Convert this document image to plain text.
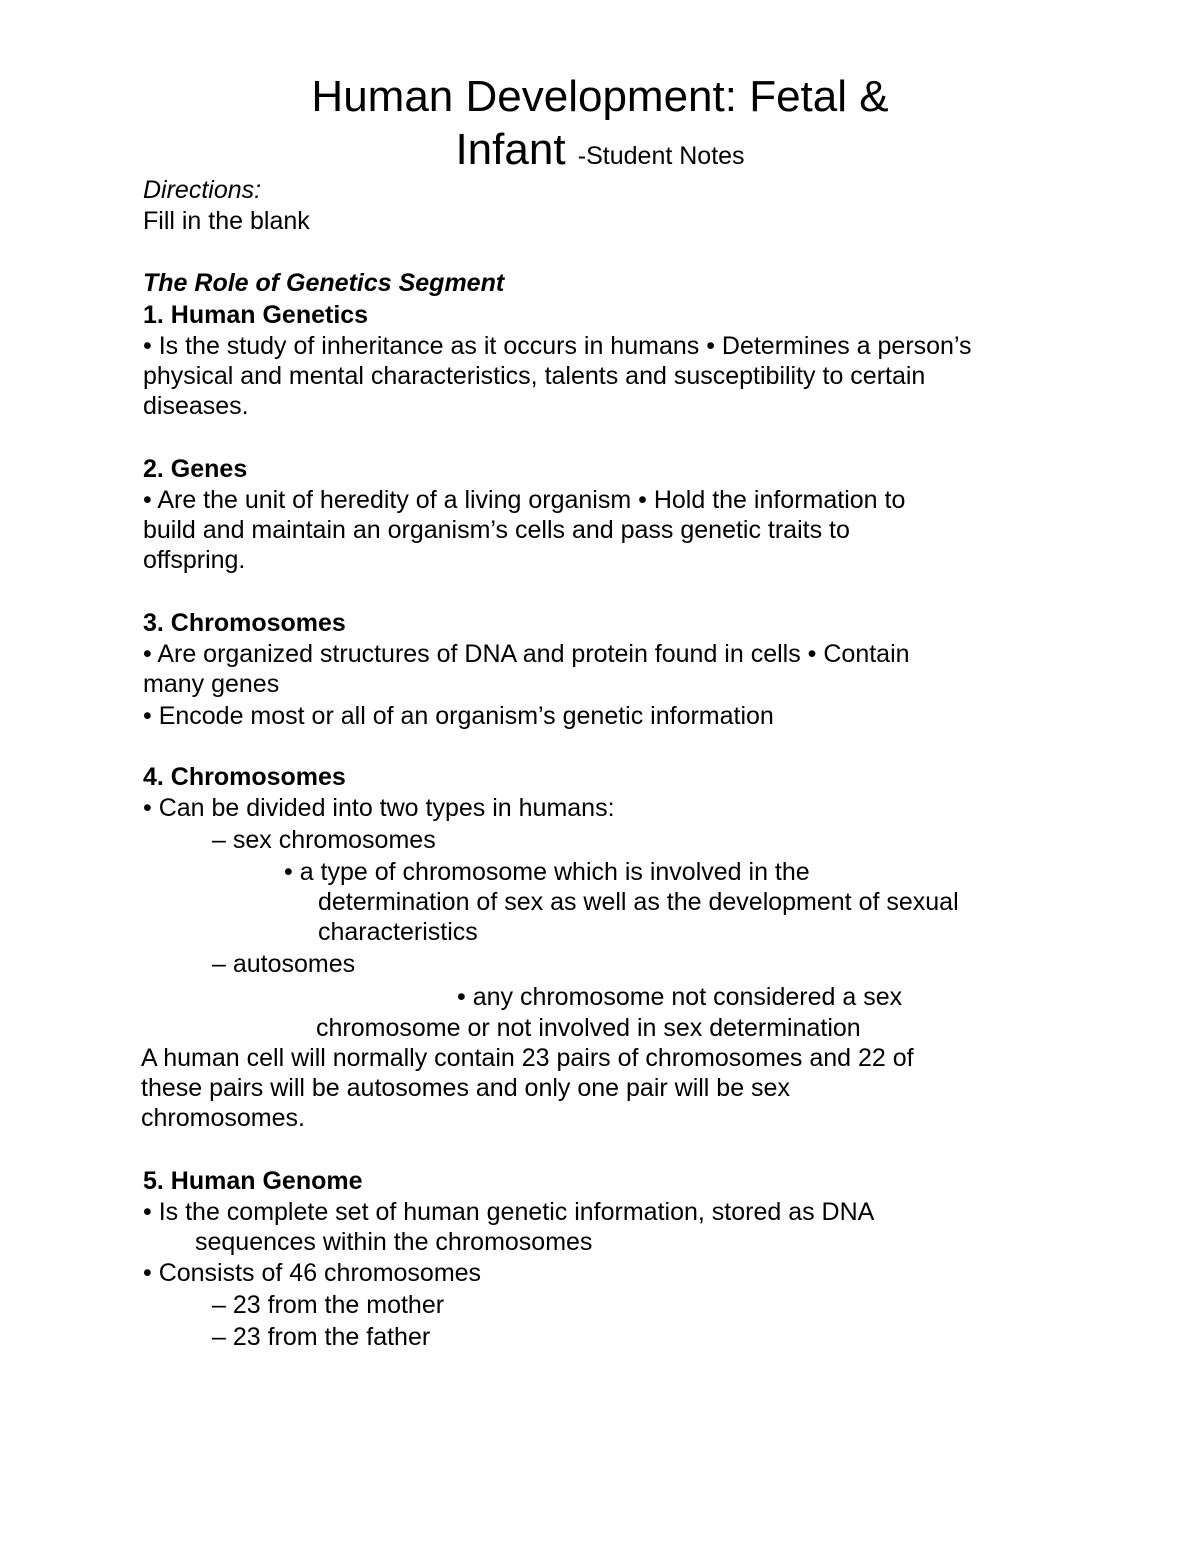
Human Development: Fetal &
Infant -Student Notes
Directions:
Fill in the blank
The Role of Genetics Segment
1. Human Genetics
• Is the study of inheritance as it occurs in humans • Determines a person’s
physical and mental characteristics, talents and susceptibility to certain
diseases.
2. Genes
• Are the unit of heredity of a living organism • Hold the information to
build and maintain an organism’s cells and pass genetic traits to
offspring.
3. Chromosomes
• Are organized structures of DNA and protein found in cells • Contain
many genes
• Encode most or all of an organism’s genetic information
4. Chromosomes
• Can be divided into two types in humans:
– sex chromosomes
• a type of chromosome which is involved in the
determination of sex as well as the development of sexual
characteristics
– autosomes
• any chromosome not considered a sex
chromosome or not involved in sex determination
A human cell will normally contain 23 pairs of chromosomes and 22 of
these pairs will be autosomes and only one pair will be sex
chromosomes.
5. Human Genome
• Is the complete set of human genetic information, stored as DNA
sequences within the chromosomes
• Consists of 46 chromosomes
– 23 from the mother
– 23 from the father
